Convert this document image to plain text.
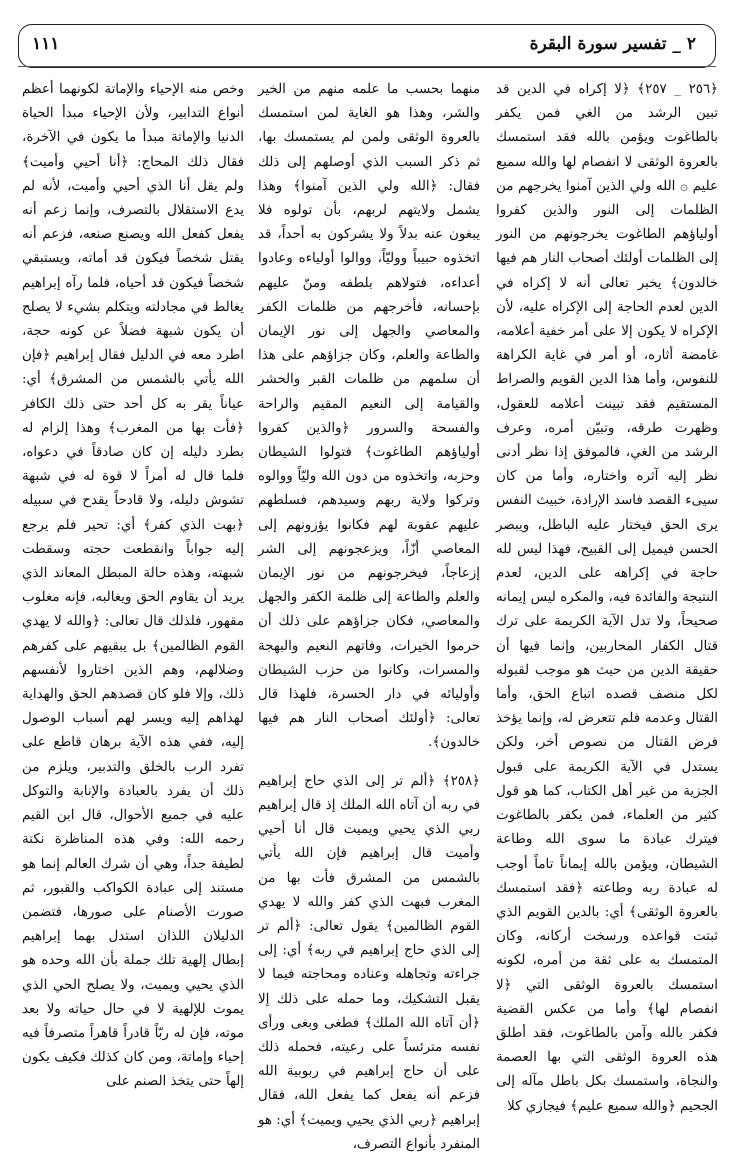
٢ _ تفسير سورة البقرة
١١١

﴿٢٥٦ _ ٢٥٧﴾ ﴿لا إكراه في الدين قد تبين الرشد من الغي فمن يكفر بالطاغوت ويؤمن بالله فقد استمسك بالعروة الوثقى لا انفصام لها والله سميع عليم ۞ الله ولي الذين آمنوا يخرجهم من الظلمات إلى النور والذين كفروا أولياؤهم الطاغوت يخرجونهم من النور إلى الظلمات أولئك أصحاب النار هم فيها خالدون﴾ يخبر تعالى أنه لا إكراه في الدين لعدم الحاجة إلى الإكراه عليه، لأن الإكراه لا يكون إلا على أمر خفية أعلامه، غامضة أثاره، أو أمر في غاية الكراهة للنفوس، وأما هذا الدين القويم والصراط المستقيم فقد تبينت أعلامه للعقول، وظهرت طرقه، وتبيّن أمره، وعرف الرشد من الغي، فالموفق إذا نظر أدنى نظر إليه آثره واختاره، وأما من كان سيىء القصد فاسد الإرادة، خبيث النفس يرى الحق فيختار عليه الباطل، ويبصر الحسن فيميل إلى القبيح، فهذا ليس لله حاجة في إكراهه على الدين، لعدم النتيجة والفائدة فيه، والمكره ليس إيمانه صحيحاً، ولا تدل الآية الكريمة على ترك قتال الكفار المحاربين، وإنما فيها أن حقيقة الدين من حيث هو موجب لقبوله لكل منصف قصده اتباع الحق، وأما القتال وعدمه فلم تتعرض له، وإنما يؤخذ فرض القتال من نصوص أخر، ولكن يستدل في الآية الكريمة على قبول الجزية من غير أهل الكتاب، كما هو قول كثير من العلماء، فمن يكفر بالطاغوت فيترك عبادة ما سوى الله وطاعة الشيطان، ويؤمن بالله إيماناً تاماً أوجب له عبادة ربه وطاعته ﴿فقد استمسك بالعروة الوثقى﴾ أي: بالدين القويم الذي ثبتت قواعده ورسخت أركانه، وكان المتمسك به على ثقة من أمره، لكونه استمسك بالعروة الوثقى التي ﴿لا انفصام لها﴾ وأما من عكس القضية فكفر بالله وآمن بالطاغوت، فقد أطلق هذه العروة الوثقى التي بها العصمة والنجاة، واستمسك بكل باطل مآله إلى الجحيم ﴿والله سميع عليم﴾ فيجازي كلا

منهما بحسب ما علمه منهم من الخير والشر، وهذا هو الغاية لمن استمسك بالعروة الوثقى ولمن لم يستمسك بها، ثم ذكر السبب الذي أوصلهم إلى ذلك فقال: ﴿الله ولي الذين آمنوا﴾ وهذا يشمل ولايتهم لربهم، بأن تولوه فلا يبغون عنه بدلاً ولا يشركون به أحداً، قد اتخذوه حبيباً ووليّاً، ووالوا أولياءه وعادوا أعداءه، فتولاهم بلطفه ومنّ عليهم بإحسانه، فأخرجهم من ظلمات الكفر والمعاصي والجهل إلى نور الإيمان والطاعة والعلم، وكان جزاؤهم على هذا أن سلمهم من ظلمات القبر والحشر والقيامة إلى النعيم المقيم والراحة والفسحة والسرور ﴿والذين كفروا أولياؤهم الطاغوت﴾ فتولوا الشيطان وحزبه، واتخذوه من دون الله وليّاً ووالوه وتركوا ولاية ربهم وسيدهم، فسلطهم عليهم عقوبة لهم فكانوا يؤزونهم إلى المعاصي أزّاً، ويزعجونهم إلى الشر إزعاجاً، فيخرجونهم من نور الإيمان والعلم والطاعة إلى ظلمة الكفر والجهل والمعاصي، فكان جزاؤهم على ذلك أن حرموا الخيرات، وفاتهم النعيم والبهجة والمسرات، وكانوا من حزب الشيطان وأوليائه في دار الحسرة، فلهذا قال تعالى: ﴿أولئك أصحاب النار هم فيها خالدون﴾.

﴿٢٥٨﴾ ﴿ألم تر إلى الذي حاج إبراهيم في ربه أن آتاه الله الملك إذ قال إبراهيم ربي الذي يحيي ويميت قال أنا أحيي وأميت قال إبراهيم فإن الله يأتي بالشمس من المشرق فأت بها من المغرب فبهت الذي كفر والله لا يهدي القوم الظالمين﴾ يقول تعالى: ﴿ألم تر إلى الذي حاج إبراهيم في ربه﴾ أي: إلى جراءته وتجاهله وعناده ومحاجته فيما لا يقبل التشكيك، وما حمله على ذلك إلا ﴿أن آتاه الله الملك﴾ فطغى وبغى ورأى نفسه مترئساً على رعيته، فحمله ذلك على أن حاج إبراهيم في ربوبية الله فزعم أنه يفعل كما يفعل الله، فقال إبراهيم ﴿ربي الذي يحيي ويميت﴾ أي: هو المنفرد بأنواع التصرف،

وخص منه الإحياء والإماتة لكونهما أعظم أنواع التدابير، ولأن الإحياء مبدأ الحياة الدنيا والإماتة مبدأ ما يكون في الآخرة، فقال ذلك المحاج: ﴿أنا أحيي وأميت﴾ ولم يقل أنا الذي أحيي وأميت، لأنه لم يدع الاستقلال بالتصرف، وإنما زعم أنه يفعل كفعل الله ويصنع صنعه، فزعم أنه يقتل شخصاً فيكون قد أماته، ويستبقي شخصاً فيكون قد أحياه، فلما رآه إبراهيم يغالط في مجادلته ويتكلم بشيء لا يصلح أن يكون شبهة فضلاً عن كونه حجة، اطرد معه في الدليل فقال إبراهيم ﴿فإن الله يأتي بالشمس من المشرق﴾ أي: عياناً يقر به كل أحد حتى ذلك الكافر ﴿فأت بها من المغرب﴾ وهذا إلزام له بطرد دليله إن كان صادقاً في دعواه، فلما قال له أمراً لا قوة له في شبهة تشوش دليله، ولا قادحاً يقدح في سبيله ﴿بهت الذي كفر﴾ أي: تحير فلم يرجع إليه جواباً وانقطعت حجته وسقطت شبهته، وهذه حالة المبطل المعاند الذي يريد أن يقاوم الحق ويغالبه، فإنه مغلوب مقهور، فلذلك قال تعالى: ﴿والله لا يهدي القوم الظالمين﴾ بل يبقيهم على كفرهم وضلالهم، وهم الذين اختاروا لأنفسهم ذلك، وإلا فلو كان قصدهم الحق والهداية لهداهم إليه ويسر لهم أسباب الوصول إليه، ففي هذه الآية برهان قاطع على تفرد الرب بالخلق والتدبير، ويلزم من ذلك أن يفرد بالعبادة والإنابة والتوكل عليه في جميع الأحوال، قال ابن القيم رحمه الله: وفي هذه المناظرة نكتة لطيفة جداً، وهي أن شرك العالم إنما هو مستند إلى عبادة الكواكب والقبور، ثم صورت الأصنام على صورها، فتضمن الدليلان اللذان استدل بهما إبراهيم إبطال إلهية تلك جملة بأن الله وحده هو الذي يحيي ويميت، ولا يصلح الحي الذي يموت للإلهية لا في حال حياته ولا بعد موته، فإن له ربّاً قادراً قاهراً متصرفاً فيه إحياء وإماتة، ومن كان كذلك فكيف يكون إلهاً حتى يتخذ الصنم على
